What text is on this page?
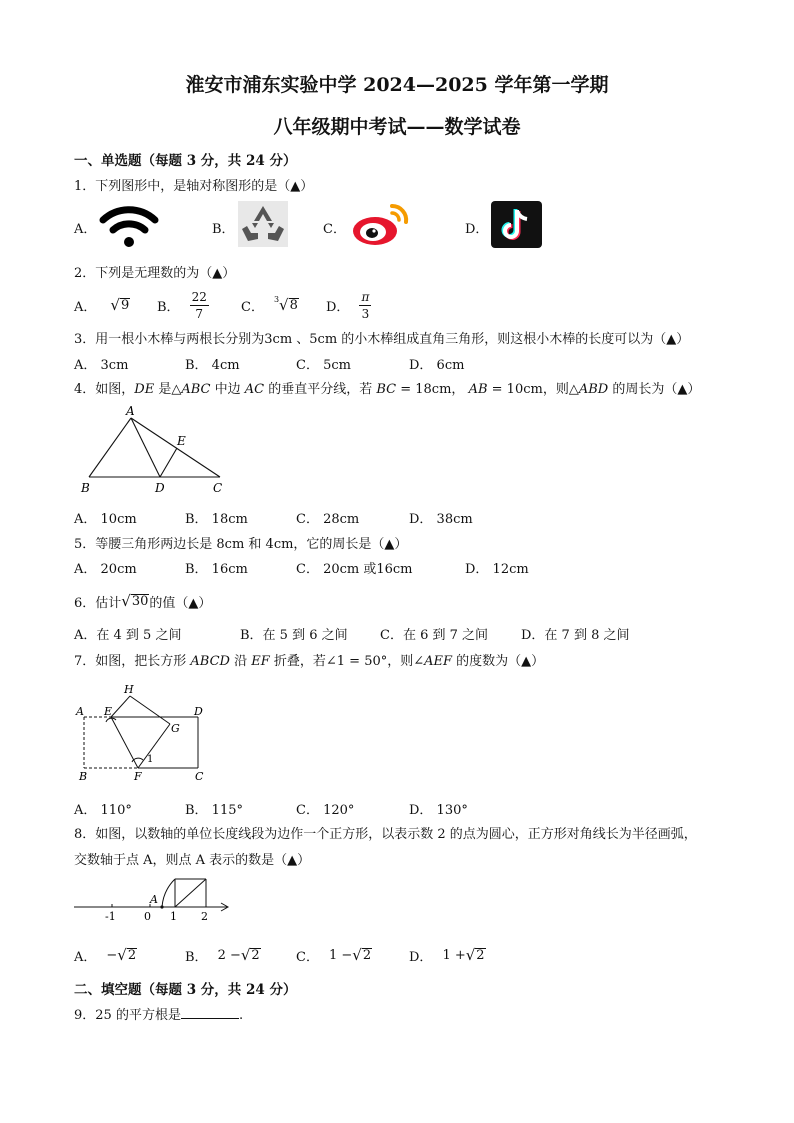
淮安市浦东实验中学 2024—2025 学年第一学期
八年级期中考试——数学试卷
一、单选题（每题 3 分，共 24 分）
1．下列图形中，是轴对称图形的是（▲）
A．	B．	C．	D．
2．下列是无理数的为（▲）
A． √ 9 B． $\frac{22}{7}$ C．
3 √ 8 D． $\frac{\pi}{3}$
3．用一根小木棒与两根长分别为3cm 、5cm 的小木棒组成直角三角形，则这根小木棒的长度可以为（▲）
A． 3cm	B． 4cm	C． 5cm	D． 6cm
4．如图，DE 是△ABC 中边 AC 的垂直平分线，若 BC = 18cm， AB = 10cm，则△ABD 的周长为（▲）
A
E
B	D	C
A． 10cm	B． 18cm	C． 28cm	D． 38cm
5．等腰三角形两边长是 8cm 和 4cm，它的周长是（▲）
A． 20cm	B． 16cm	C． 20cm 或16cm	D． 12cm
6．估计 √ 30 的值（▲）
A．在 4 到 5 之间	B．在 5 到 6 之间 C．在 6 到 7 之间	D．在 7 到 8 之间
7．如图，把长方形 ABCD 沿 EF 折叠，若∠1 = 50°，则∠AEF 的度数为（▲）
H
A E	D
G
1
B	F	C
A． 110°	B． 115°	C． 120°	D． 130°
8．如图，以数轴的单位长度线段为边作一个正方形，以表示数 2 的点为圆心，正方形对角线长为半径画弧，
交数轴于点 A，则点 A 表示的数是（▲）
-1	0
A
1 2
A． − √ 2	B． 2 − √ 2	C． 1 − √ 2	D． 1 + √ 2
二、填空题（每题 3 分，共 24 分）
9．25 的平方根是	.
